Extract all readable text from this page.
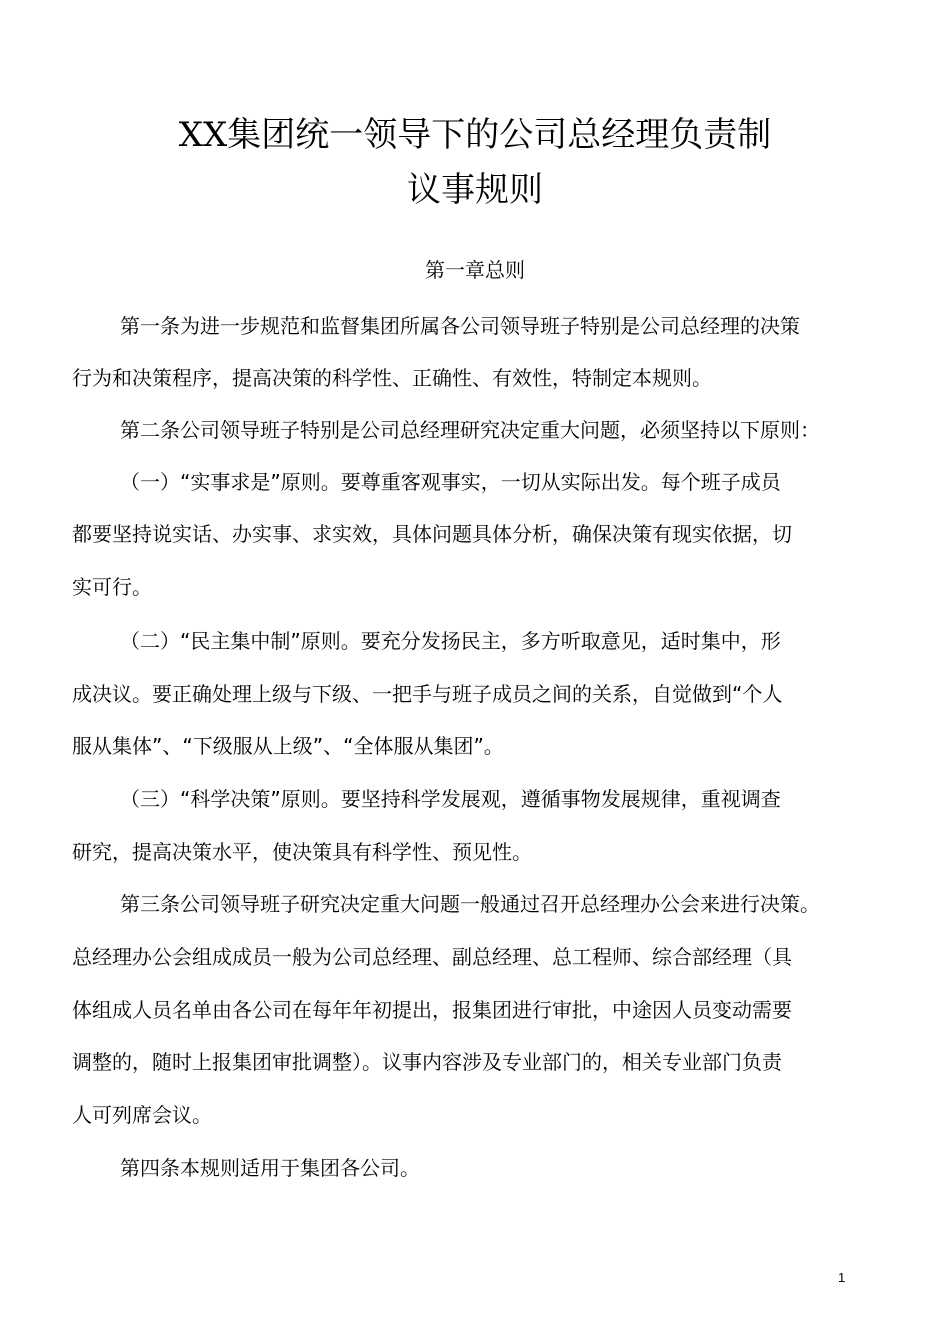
XX集团统一领导下的公司总经理负责制
议事规则
第一章总则
第一条为进一步规范和监督集团所属各公司领导班子特别是公司总经理的决策
行为和决策程序，提高决策的科学性、正确性、有效性，特制定本规则。
第二条公司领导班子特别是公司总经理研究决定重大问题，必须坚持以下原则：
（一）“实事求是”原则。要尊重客观事实，一切从实际出发。每个班子成员
都要坚持说实话、办实事、求实效，具体问题具体分析，确保决策有现实依据，切
实可行。
（二）“民主集中制”原则。要充分发扬民主，多方听取意见，适时集中，形
成决议。要正确处理上级与下级、一把手与班子成员之间的关系，自觉做到“个人
服从集体”、“下级服从上级”、“全体服从集团”。
（三）“科学决策”原则。要坚持科学发展观，遵循事物发展规律，重视调查
研究，提高决策水平，使决策具有科学性、预见性。
第三条公司领导班子研究决定重大问题一般通过召开总经理办公会来进行决策。
总经理办公会组成成员一般为公司总经理、副总经理、总工程师、综合部经理（具
体组成人员名单由各公司在每年年初提出，报集团进行审批，中途因人员变动需要
调整的，随时上报集团审批调整）。议事内容涉及专业部门的，相关专业部门负责
人可列席会议。
第四条本规则适用于集团各公司。
1
